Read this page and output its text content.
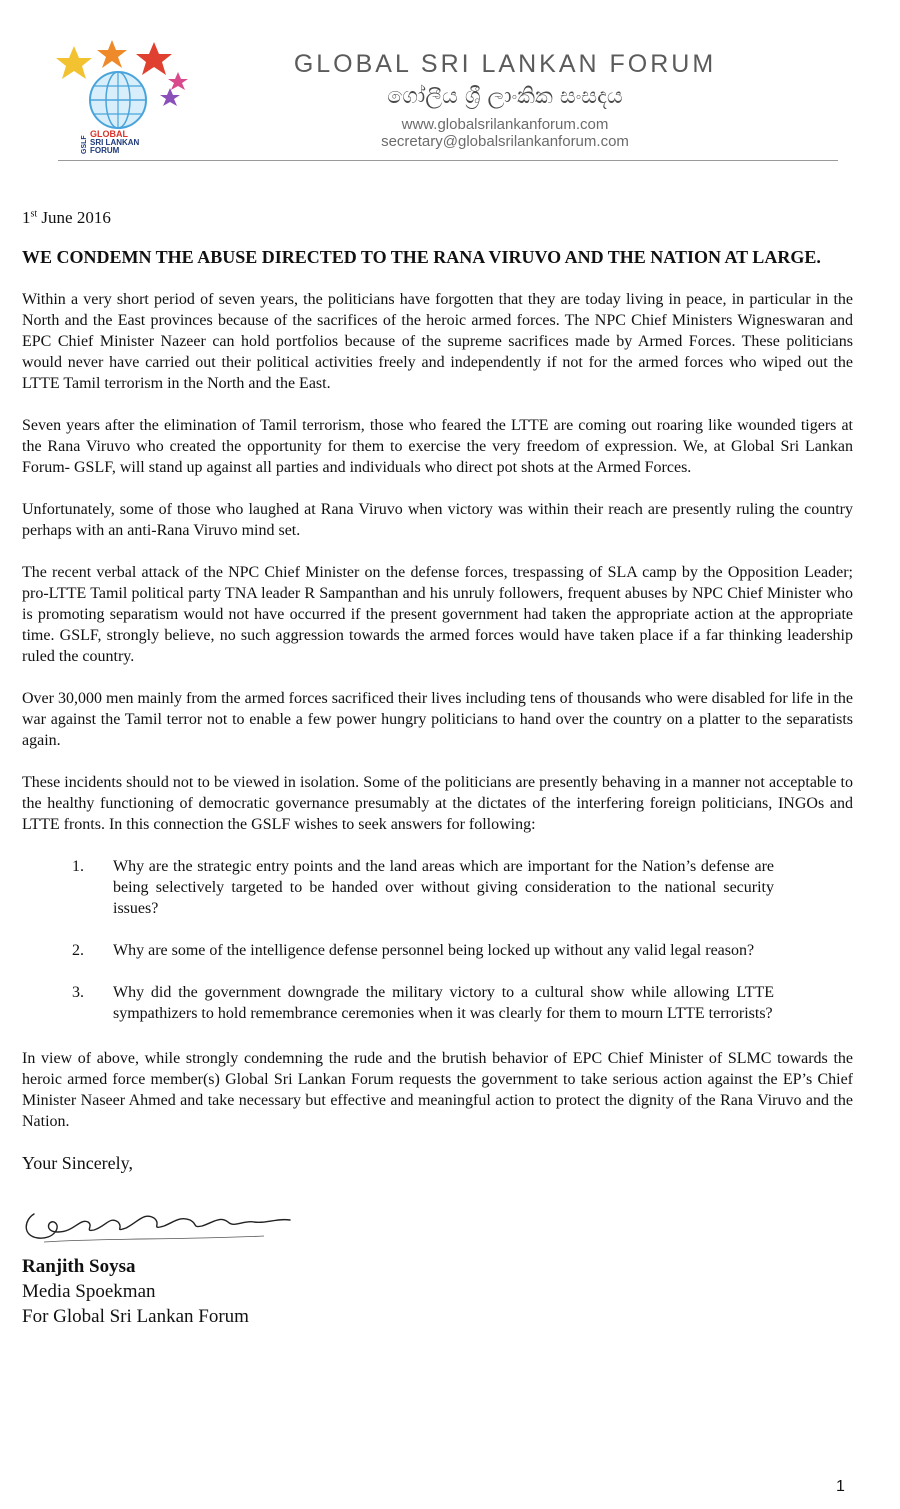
GLOBAL
SRI LANKAN
FORUM
GSLF
GLOBAL SRI LANKAN FORUM
ගෝලීය ශ්‍රී ලාංකික සංසදය
www.globalsrilankanforum.com
secretary@globalsrilankanforum.com
1st June 2016
WE CONDEMN THE ABUSE DIRECTED TO THE RANA VIRUVO AND THE NATION AT LARGE.

Within a very short period of seven years, the politicians have forgotten that they are today living in peace, in particular in the North and the East provinces because of the sacrifices of the heroic armed forces. The NPC Chief Ministers Wigneswaran and EPC Chief Minister Nazeer can hold portfolios because of the supreme sacrifices made by Armed Forces. These politicians would never have carried out their political activities freely and independently if not for the armed forces who wiped out the LTTE Tamil terrorism in the North and the East.

Seven years after the elimination of Tamil terrorism, those who feared the LTTE are coming out roaring like wounded tigers at the Rana Viruvo who created the opportunity for them to exercise the very freedom of expression. We, at Global Sri Lankan Forum- GSLF, will stand up against all parties and individuals who direct pot shots at the Armed Forces.

Unfortunately, some of those who laughed at Rana Viruvo when victory was within their reach are presently ruling the country perhaps with an anti-Rana Viruvo mind set.

The recent verbal attack of the NPC Chief Minister on the defense forces, trespassing of SLA camp by the Opposition Leader; pro-LTTE Tamil political party TNA leader R Sampanthan and his unruly followers, frequent abuses by NPC Chief Minister who is promoting separatism would not have occurred if the present government had taken the appropriate action at the appropriate time. GSLF, strongly believe, no such aggression towards the armed forces would have taken place if a far thinking leadership ruled the country.

Over 30,000 men mainly from the armed forces sacrificed their lives including tens of thousands who were disabled for life in the war against the Tamil terror not to enable a few power hungry politicians to hand over the country on a platter to the separatists again.

These incidents should not to be viewed in isolation. Some of the politicians are presently behaving in a manner not acceptable to the healthy functioning of democratic governance presumably at the dictates of the interfering foreign politicians, INGOs and LTTE fronts. In this connection the GSLF wishes to seek answers for following:

1. Why are the strategic entry points and the land areas which are important for the Nation’s defense are being selectively targeted to be handed over without giving consideration to the national security issues?
2. Why are some of the intelligence defense personnel being locked up without any valid legal reason?
3. Why did the government downgrade the military victory to a cultural show while allowing LTTE sympathizers to hold remembrance ceremonies when it was clearly for them to mourn LTTE terrorists?

In view of above, while strongly condemning the rude and the brutish behavior of EPC Chief Minister of SLMC towards the heroic armed force member(s) Global Sri Lankan Forum requests the government to take serious action against the EP’s Chief Minister Naseer Ahmed and take necessary but effective and meaningful action to protect the dignity of the Rana Viruvo and the Nation.

Your Sincerely,
Ranjith Soysa
Media Spoekman
For Global Sri Lankan Forum
1
